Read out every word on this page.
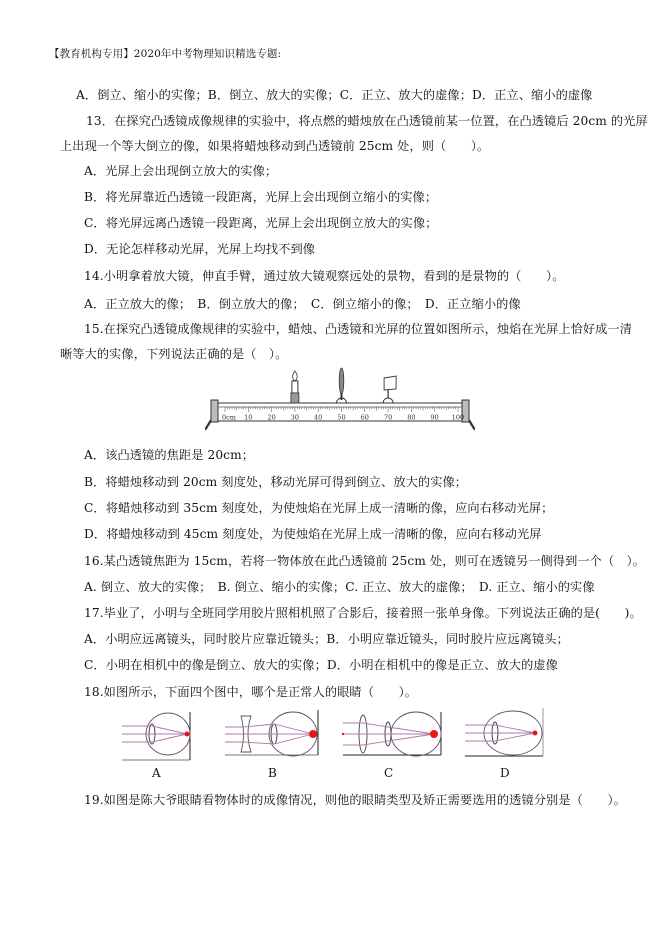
【教育机构专用】2020年中考物理知识精选专题:
A．倒立、缩小的实像；B．倒立、放大的实像；C．正立、放大的虚像；D．正立、缩小的虚像
13．在探究凸透镜成像规律的实验中，将点燃的蜡烛放在凸透镜前某一位置，在凸透镜后 20cm 的光屏
上出现一个等大倒立的像，如果将蜡烛移动到凸透镜前 25cm 处，则（　　）。
A．光屏上会出现倒立放大的实像；
B．将光屏靠近凸透镜一段距离，光屏上会出现倒立缩小的实像；
C．将光屏远离凸透镜一段距离，光屏上会出现倒立放大的实像；
D．无论怎样移动光屏，光屏上均找不到像
14.小明拿着放大镜，伸直手臂，通过放大镜观察远处的景物，看到的是景物的（　　）。
A．正立放大的像；　B．倒立放大的像；　C．倒立缩小的像；　D．正立缩小的像
15.在探究凸透镜成像规律的实验中，蜡烛、凸透镜和光屏的位置如图所示，烛焰在光屏上恰好成一清
晰等大的实像，下列说法正确的是（　）。
0cm 10 20 30 40 50 60 70 80 90 100
A．该凸透镜的焦距是 20cm；
B．将蜡烛移动到 20cm 刻度处，移动光屏可得到倒立、放大的实像；
C．将蜡烛移动到 35cm 刻度处，为使烛焰在光屏上成一清晰的像，应向右移动光屏；
D．将蜡烛移动到 45cm 刻度处，为使烛焰在光屏上成一清晰的像，应向右移动光屏
16.某凸透镜焦距为 15cm，若将一物体放在此凸透镜前 25cm 处，则可在透镜另一侧得到一个（　）。
A. 倒立、放大的实像；　B. 倒立、缩小的实像；C. 正立、放大的虚像；　D. 正立、缩小的实像
17.毕业了，小明与全班同学用胶片照相机照了合影后，接着照一张单身像。下列说法正确的是(　　)。
A．小明应远离镜头，同时胶片应靠近镜头；B．小明应靠近镜头，同时胶片应远离镜头；
C．小明在相机中的像是倒立、放大的实像；D．小明在相机中的像是正立、放大的虚像
18.如图所示，下面四个图中，哪个是正常人的眼睛（　　）。
A	B	C	D
19.如图是陈大爷眼睛看物体时的成像情况，则他的眼睛类型及矫正需要选用的透镜分别是（　　）。
